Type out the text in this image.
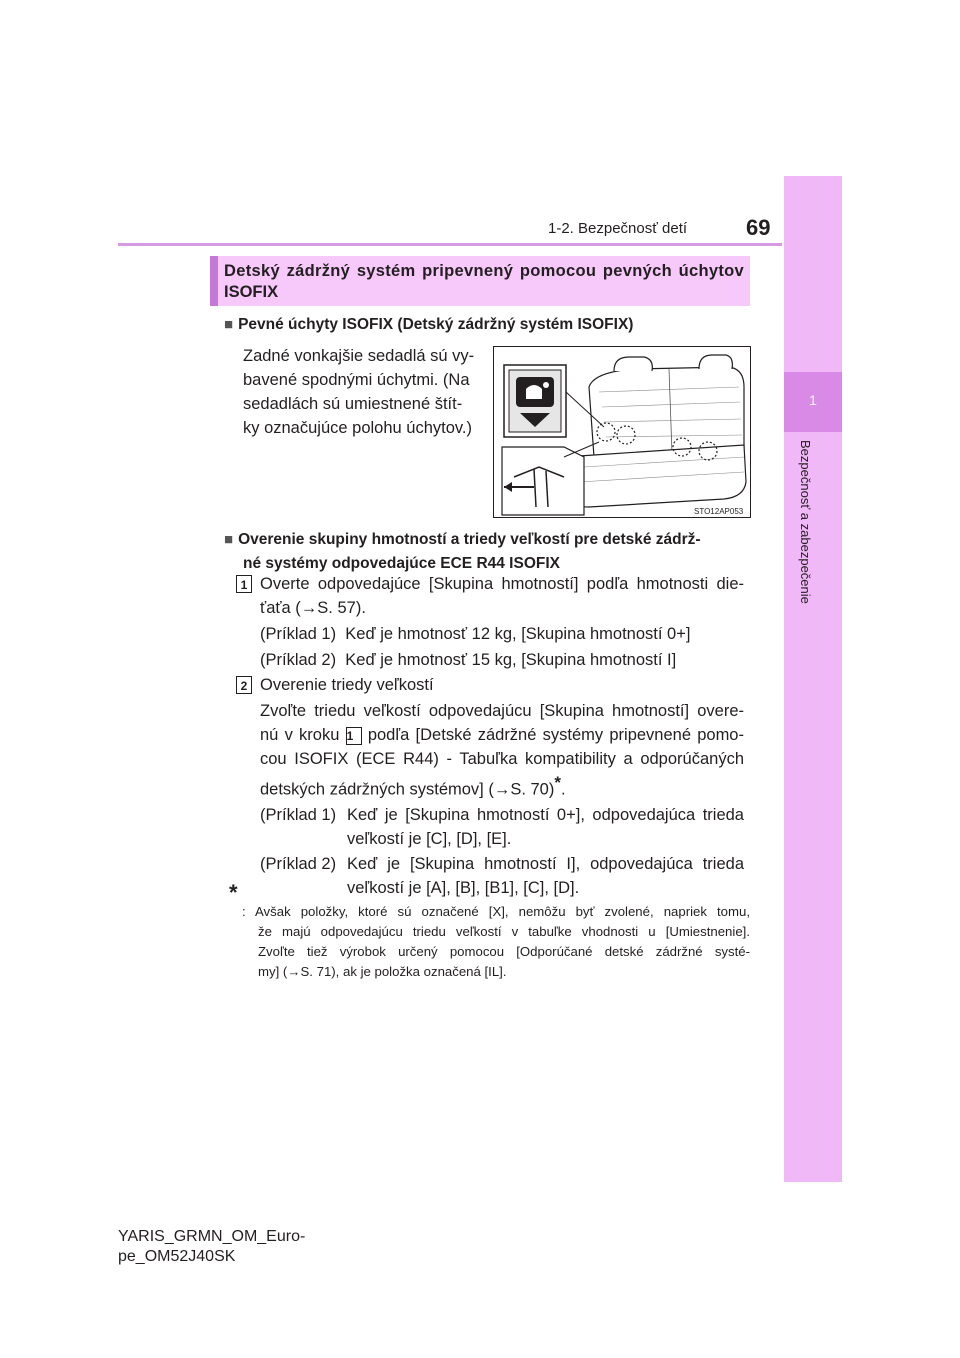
1-2. Bezpečnosť detí	69
1
Bezpečnosť a zabezpečenie
Detský zádržný systém pripevnený pomocou pevných úchytov
ISOFIX
■ Pevné úchyty ISOFIX (Detský zádržný systém ISOFIX)
Zadné vonkajšie sedadlá sú vy-
bavené spodnými úchytmi. (Na
sedadlách sú umiestnené štít-
ky označujúce polohu úchytov.)
STO12AP053
■ Overenie skupiny hmotností a triedy veľkostí pre detské zádrž-
né systémy odpovedajúce ECE R44 ISOFIX
1 Overte odpovedajúce [Skupina hmotností] podľa hmotnosti die-
ťaťa (→S. 57).
(Príklad 1) Keď je hmotnosť 12 kg, [Skupina hmotností 0+]
(Príklad 2) Keď je hmotnosť 15 kg, [Skupina hmotností I]
2 Overenie triedy veľkostí
Zvoľte triedu veľkostí odpovedajúcu [Skupina hmotností] overe-
nú v kroku 1 podľa [Detské zádržné systémy pripevnené pomo-
cou ISOFIX (ECE R44) - Tabuľka kompatibility a odporúčaných
detských zádržných systémov] (→S. 70)*.
(Príklad 1) Keď je [Skupina hmotností 0+], odpovedajúca trieda
veľkostí je [C], [D], [E].
(Príklad 2) Keď je [Skupina hmotností I], odpovedajúca trieda
veľkostí je [A], [B], [B1], [C], [D].
*
: Avšak položky, ktoré sú označené [X], nemôžu byť zvolené, napriek tomu,
že majú odpovedajúcu triedu veľkostí v tabuľke vhodnosti u [Umiestnenie].
Zvoľte tiež výrobok určený pomocou [Odporúčané detské zádržné systé-
my] (→S. 71), ak je položka označená [IL].
YARIS_GRMN_OM_Euro-
pe_OM52J40SK
